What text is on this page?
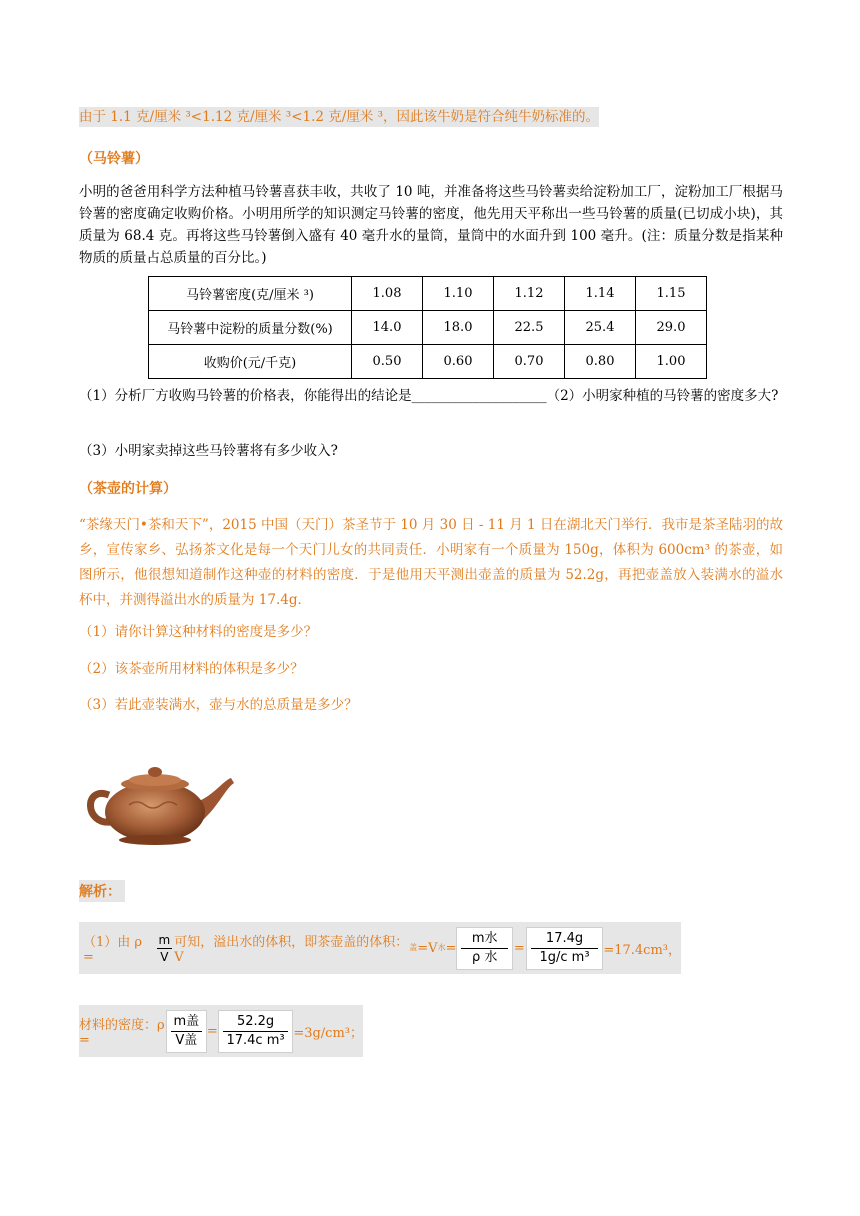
由于 1.1 克/厘米 ³<1.12 克/厘米 ³<1.2 克/厘米 ³，因此该牛奶是符合纯牛奶标准的。
（马铃薯）
小明的爸爸用科学方法种植马铃薯喜获丰收，共收了 10 吨，并准备将这些马铃薯卖给淀粉加工厂，淀粉加工厂根据马铃薯的密度确定收购价格。小明用所学的知识测定马铃薯的密度，他先用天平称出一些马铃薯的质量(已切成小块)，其质量为 68.4 克。再将这些马铃薯倒入盛有 40 毫升水的量筒，量筒中的水面升到 100 毫升。(注：质量分数是指某种物质的质量占总质量的百分比。)
马铃薯密度(克/厘米 ³)	1.08	1.10	1.12	1.14	1.15
马铃薯中淀粉的质量分数(%)	14.0	18.0	22.5	25.4	29.0
收购价(元/千克)	0.50	0.60	0.70	0.80	1.00
（1）分析厂方收购马铃薯的价格表，你能得出的结论是____________________（2）小明家种植的马铃薯的密度多大?
（3）小明家卖掉这些马铃薯将有多少收入?
（茶壶的计算）
“茶缘天门•茶和天下”，2015 中国（天门）茶圣节于 10 月 30 日 - 11 月 1 日在湖北天门举行．我市是茶圣陆羽的故乡，宣传家乡、弘扬茶文化是每一个天门儿女的共同责任．小明家有一个质量为 150g，体积为 600cm³ 的茶壶，如图所示，他很想知道制作这种壶的材料的密度．于是他用天平测出壶盖的质量为 52.2g，再把壶盖放入装满水的溢水杯中，并测得溢出水的质量为 17.4g．
（1）请你计算这种材料的密度是多少？
（2）该茶壶所用材料的体积是多少？
（3）若此壶装满水，壶与水的总质量是多少？
解析：
（1）由 ρ =	$\frac{m}{V}$ 可知，溢出水的体积，即茶壶盖的体积：V
盖 =V 水 = $\frac{\text{m水}}{\text{ρ 水}} = \frac{17.4g}{\text{1g/c m³}} =17.4cm^3$，
材料的密度：ρ =	$\frac{\text{m盖}}{\text{V盖}} = \frac{52.2g}{\text{17.4c m³}} =3g/cm^3$；
